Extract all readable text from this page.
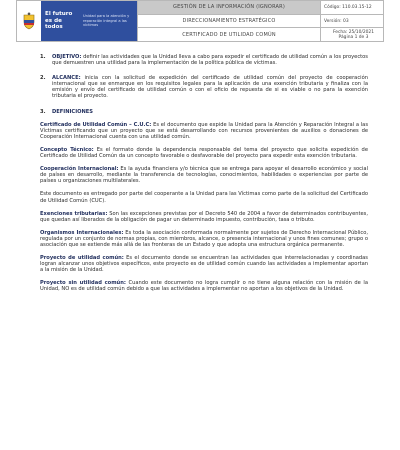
El futuro es de todos
Unidad para la atención y reparación integral a las víctimas
GESTIÓN DE LA INFORMACIÓN (IGNORAR)
DIRECCIONAMIENTO ESTRATÉGICO
CERTIFICADO DE UTILIDAD COMÚN
Código: 110.03.15-12
Versión: 03
Fecha: 25/10/2021
Página 1 de 3
1.	OBJETIVO: definir las actividades que la Unidad lleva a cabo para expedir el certificado de utilidad común a los proyectos que demuestren una utilidad para la implementación de la política pública de víctimas.

2.	ALCANCE: inicia con la solicitud de expedición del certificado de utilidad común del proyecto de cooperación internacional que se enmarque en los requisitos legales para la aplicación de una exención tributaria y finaliza con la emisión y envío del certificado de utilidad común o con el oficio de repuesta de si es viable o no para la exención tributaria el proyecto.

3.	DEFINICIONES

Certificado de Utilidad Común – C.U.C: Es el documento que expide la Unidad para la Atención y Reparación Integral a las Víctimas certificando que un proyecto que se está desarrollando con recursos provenientes de auxilios o donaciones de Cooperación Internacional cuenta con una utilidad común.

Concepto Técnico: Es el formato donde la dependencia responsable del tema del proyecto que solicita expedición de Certificado de Utilidad Común da un concepto favorable o desfavorable del proyecto para expedir esta exención tributaria.

Cooperación Internacional: Es la ayuda financiera y/o técnica que se entrega para apoyar el desarrollo económico y social de países en desarrollo, mediante la transferencia de tecnologías, conocimientos, habilidades o experiencias por parte de países u organizaciones multilaterales.

Este documento es entregado por parte del cooperante a la Unidad para las Víctimas como parte de la solicitud del Certificado de Utilidad Común (CUC).

Exenciones tributarias: Son las excepciones previstas por el Decreto 540 de 2004 a favor de determinados contribuyentes, que quedan así liberados de la obligación de pagar un determinado impuesto, contribución, tasa o tributo.

Organismos Internacionales: Es toda la asociación conformada normalmente por sujetos de Derecho Internacional Público, regulada por un conjunto de normas propias, con miembros, alcance, o presencia internacional y unos fines comunes; grupo o asociación que se extiende más allá de las fronteras de un Estado y que adopta una estructura orgánica permanente.

Proyecto de utilidad común: Es el documento donde se encuentran las actividades que interrelacionadas y coordinadas logran alcanzar unos objetivos específicos, este proyecto es de utilidad común cuando las actividades a implementar aportan a la misión de la Unidad.

Proyecto sin utilidad común: Cuando este documento no logra cumplir o no tiene alguna relación con la misión de la Unidad, NO es de utilidad común debido a que las actividades a implementar no aportan a los objetivos de la Unidad.
